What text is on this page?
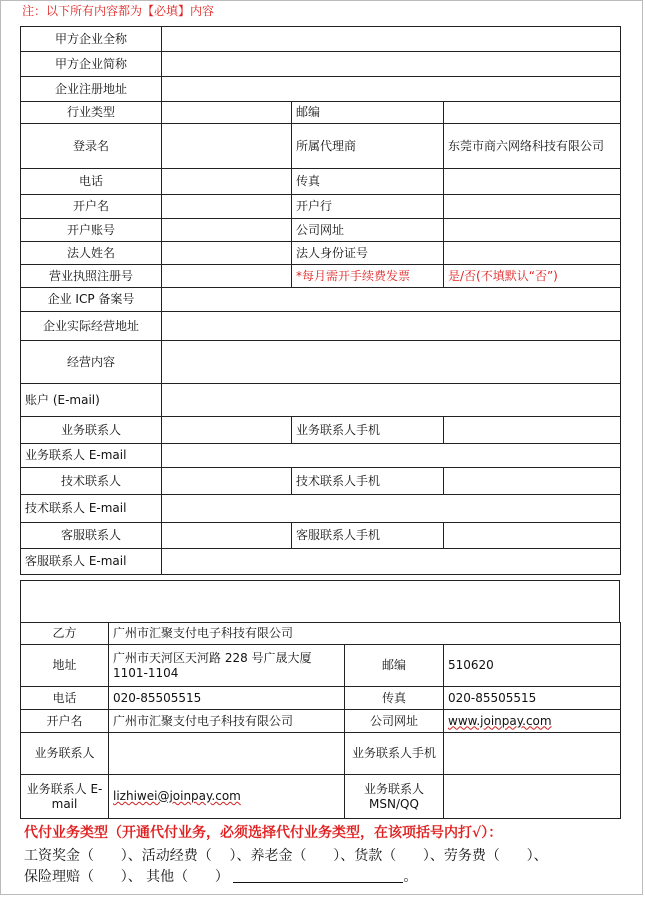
注：以下所有内容都为【必填】内容
甲方企业全称			
甲方企业简称			
企业注册地址			
行业类型		邮编	
登录名		所属代理商	东莞市商六网络科技有限公司
电话		传真	
开户名		开户行	
开户账号		公司网址	
法人姓名		法人身份证号	
营业执照注册号		*每月需开手续费发票	是/否(不填默认“否”)
企业 ICP 备案号			
企业实际经营地址			
经营内容			
账户 (E-mail)			
业务联系人		业务联系人手机	
业务联系人 E-mail			
技术联系人		技术联系人手机	
技术联系人 E-mail			
客服联系人		客服联系人手机	
客服联系人 E-mail			
乙方	广州市汇聚支付电子科技有限公司		
地址	广州市天河区天河路 228 号广晟大厦 1101-1104	邮编	510620
电话	020-85505515	传真	020-85505515
开户名	广州市汇聚支付电子科技有限公司	公司网址	www.joinpay.com
业务联系人		业务联系人手机	
业务联系人 E-mail	lizhiwei@joinpay.com	业务联系人 MSN/QQ	
代付业务类型（开通代付业务，必须选择代付业务类型，在该项括号内打√）：
工资奖金（      ）、活动经费（    ）、养老金（      ）、货款（      ）、劳务费（      ）、
保险理赔（      ）、 其他（      ）	。
